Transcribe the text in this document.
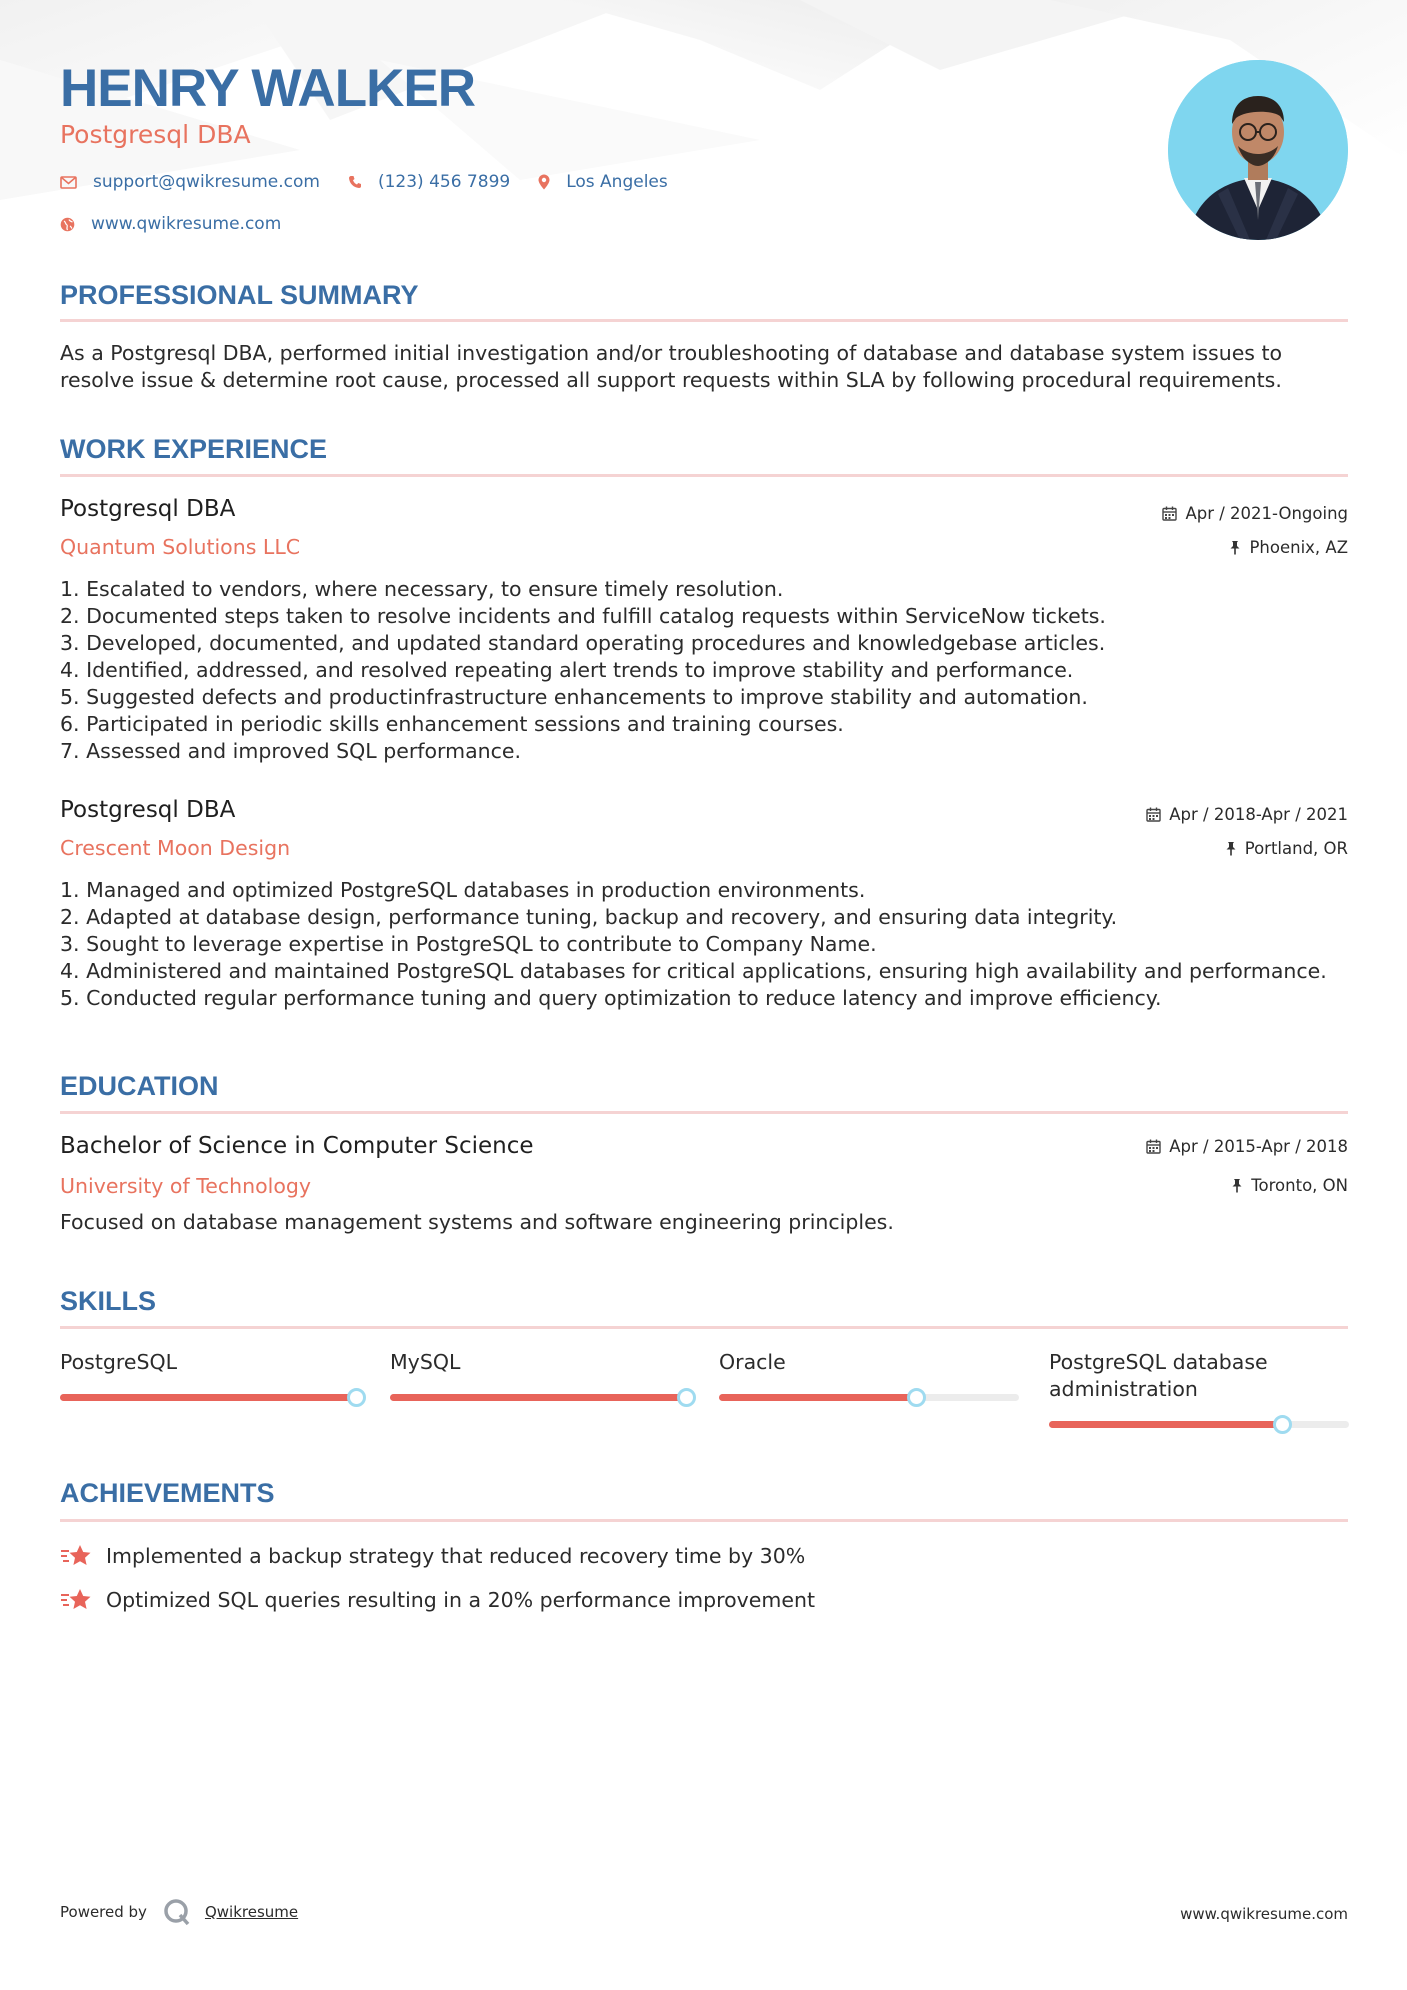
HENRY WALKER
Postgresql DBA
support@qwikresume.com	(123) 456 7899	Los Angeles
www.qwikresume.com
PROFESSIONAL SUMMARY
As a Postgresql DBA, performed initial investigation and/or troubleshooting of database and database system issues to
resolve issue & determine root cause, processed all support requests within SLA by following procedural requirements.
WORK EXPERIENCE
Postgresql DBA	Apr / 2021-Ongoing
Quantum Solutions LLC	Phoenix, AZ
1. Escalated to vendors, where necessary, to ensure timely resolution.
2. Documented steps taken to resolve incidents and fulfill catalog requests within ServiceNow tickets.
3. Developed, documented, and updated standard operating procedures and knowledgebase articles.
4. Identified, addressed, and resolved repeating alert trends to improve stability and performance.
5. Suggested defects and productinfrastructure enhancements to improve stability and automation.
6. Participated in periodic skills enhancement sessions and training courses.
7. Assessed and improved SQL performance.
Postgresql DBA	Apr / 2018-Apr / 2021
Crescent Moon Design	Portland, OR
1. Managed and optimized PostgreSQL databases in production environments.
2. Adapted at database design, performance tuning, backup and recovery, and ensuring data integrity.
3. Sought to leverage expertise in PostgreSQL to contribute to Company Name.
4. Administered and maintained PostgreSQL databases for critical applications, ensuring high availability and performance.
5. Conducted regular performance tuning and query optimization to reduce latency and improve efficiency.
EDUCATION
Bachelor of Science in Computer Science	Apr / 2015-Apr / 2018
University of Technology	Toronto, ON
Focused on database management systems and software engineering principles.
SKILLS
PostgreSQL	MySQL	Oracle	PostgreSQL database
administration
ACHIEVEMENTS
Implemented a backup strategy that reduced recovery time by 30%
Optimized SQL queries resulting in a 20% performance improvement
Powered by	Qwikresume	www.qwikresume.com
